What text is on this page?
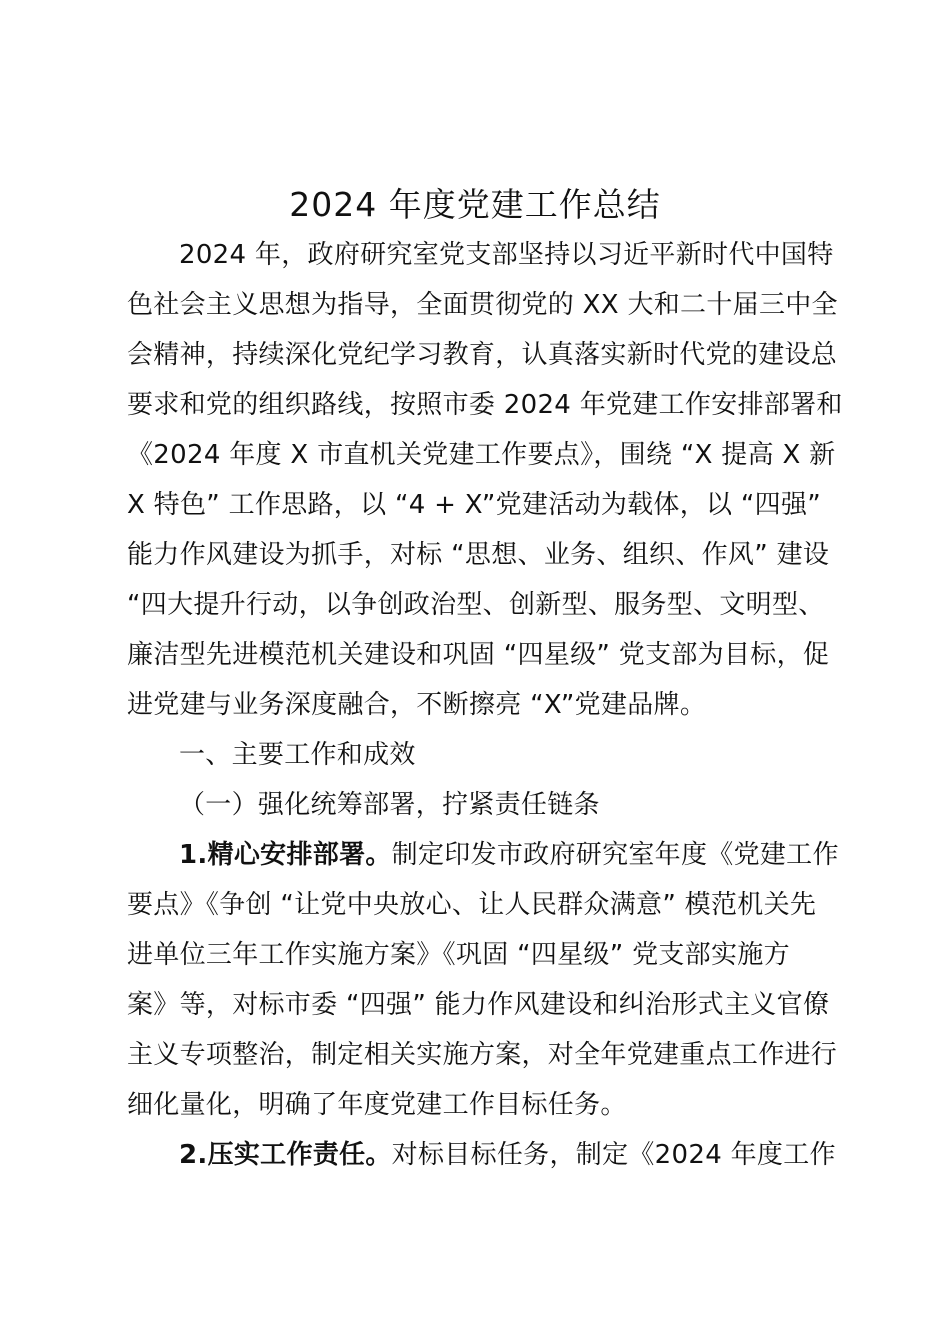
2024 年度党建工作总结

2024 年，政府研究室党支部坚持以习近平新时代中国特

色社会主义思想为指导，全面贯彻党的 XX 大和二十届三中全

会精神，持续深化党纪学习教育，认真落实新时代党的建设总

要求和党的组织路线，按照市委 2024 年党建工作安排部署和

《2024 年度 X 市直机关党建工作要点》，围绕 “X 提高 X 新

X 特色” 工作思路，以 “4 + X”党建活动为载体，以 “四强”

能力作风建设为抓手，对标 “思想、业务、组织、作风” 建设

“四大提升行动，以争创政治型、创新型、服务型、文明型、

廉洁型先进模范机关建设和巩固 “四星级” 党支部为目标，促

进党建与业务深度融合，不断擦亮 “X”党建品牌。

一、主要工作和成效

（一）强化统筹部署，拧紧责任链条

1.精心安排部署。制定印发市政府研究室年度《党建工作

要点》《争创 “让党中央放心、让人民群众满意” 模范机关先

进单位三年工作实施方案》《巩固 “四星级” 党支部实施方

案》等，对标市委 “四强” 能力作风建设和纠治形式主义官僚

主义专项整治，制定相关实施方案，对全年党建重点工作进行

细化量化，明确了年度党建工作目标任务。

2.压实工作责任。对标目标任务，制定《2024 年度工作
